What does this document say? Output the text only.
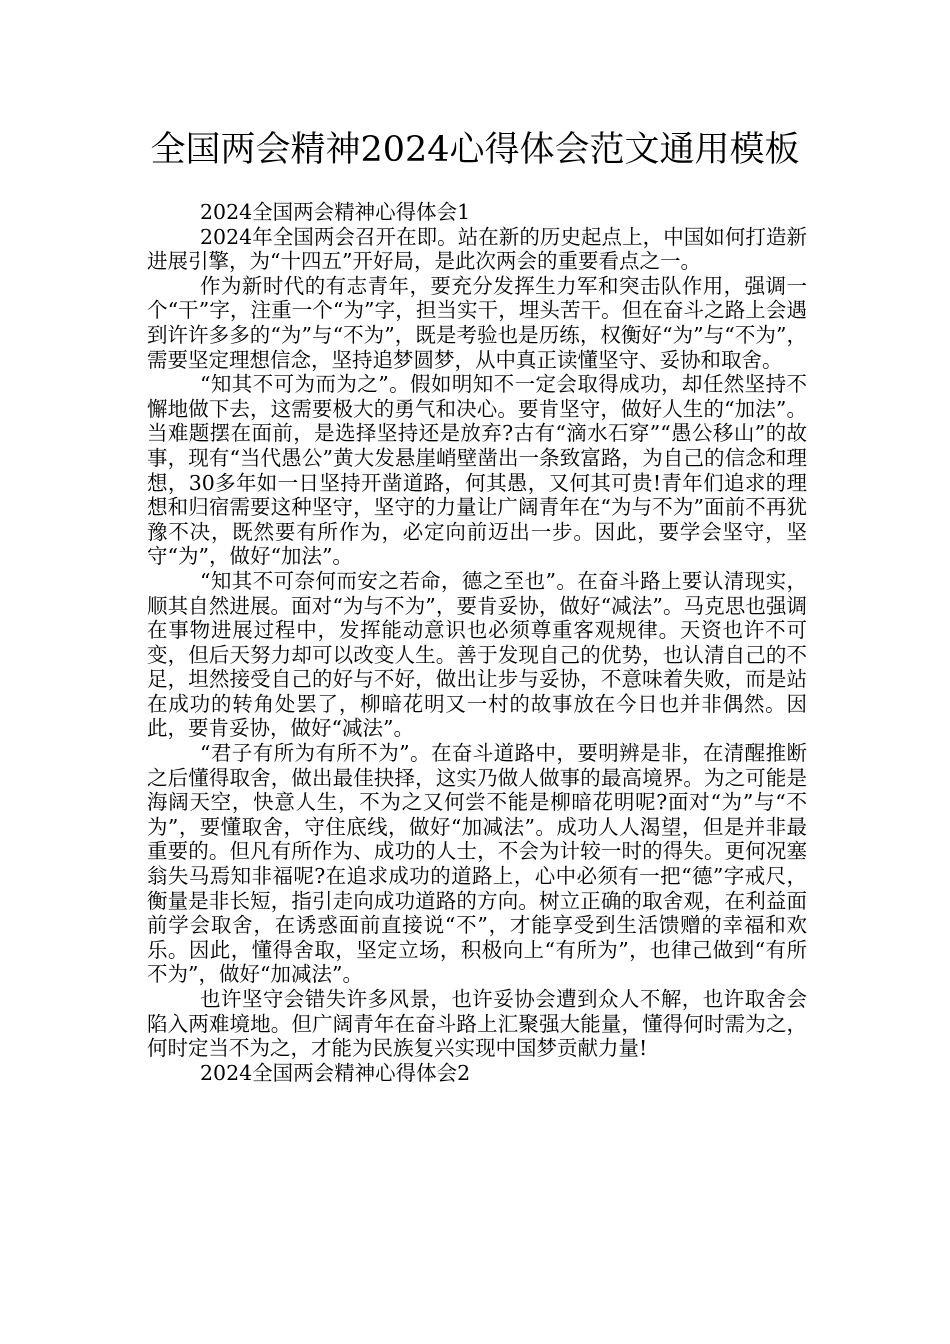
全国两会精神2024心得体会范文通用模板

2024全国两会精神心得体会1

2024年全国两会召开在即。站在新的历史起点上，中国如何打造新进展引擎，为“十四五”开好局，是此次两会的重要看点之一。

作为新时代的有志青年，要充分发挥生力军和突击队作用，强调一个“干”字，注重一个“为”字，担当实干，埋头苦干。但在奋斗之路上会遇到许许多多的“为”与“不为”，既是考验也是历练，权衡好“为”与“不为”，需要坚定理想信念，坚持追梦圆梦，从中真正读懂坚守、妥协和取舍。

“知其不可为而为之”。假如明知不一定会取得成功，却任然坚持不懈地做下去，这需要极大的勇气和决心。要肯坚守，做好人生的“加法”。当难题摆在面前，是选择坚持还是放弃?古有“滴水石穿”“愚公移山”的故事，现有“当代愚公”黄大发悬崖峭壁凿出一条致富路，为自己的信念和理想，30多年如一日坚持开凿道路，何其愚，又何其可贵!青年们追求的理想和归宿需要这种坚守，坚守的力量让广阔青年在“为与不为”面前不再犹豫不决，既然要有所作为，必定向前迈出一步。因此，要学会坚守，坚守“为”，做好“加法”。

“知其不可奈何而安之若命，德之至也”。在奋斗路上要认清现实，顺其自然进展。面对“为与不为”，要肯妥协，做好“减法”。马克思也强调在事物进展过程中，发挥能动意识也必须尊重客观规律。天资也许不可变，但后天努力却可以改变人生。善于发现自己的优势，也认清自己的不足，坦然接受自己的好与不好，做出让步与妥协，不意味着失败，而是站在成功的转角处罢了，柳暗花明又一村的故事放在今日也并非偶然。因此，要肯妥协，做好“减法”。

“君子有所为有所不为”。在奋斗道路中，要明辨是非，在清醒推断之后懂得取舍，做出最佳抉择，这实乃做人做事的最高境界。为之可能是海阔天空，快意人生，不为之又何尝不能是柳暗花明呢?面对“为”与“不为”，要懂取舍，守住底线，做好“加减法”。成功人人渴望，但是并非最重要的。但凡有所作为、成功的人士，不会为计较一时的得失。更何况塞翁失马焉知非福呢?在追求成功的道路上，心中必须有一把“德”字戒尺，衡量是非长短，指引走向成功道路的方向。树立正确的取舍观，在利益面前学会取舍，在诱惑面前直接说“不”，才能享受到生活馈赠的幸福和欢乐。因此，懂得舍取，坚定立场，积极向上“有所为”，也律己做到“有所不为”，做好“加减法”。

也许坚守会错失许多风景，也许妥协会遭到众人不解，也许取舍会陷入两难境地。但广阔青年在奋斗路上汇聚强大能量，懂得何时需为之，何时定当不为之，才能为民族复兴实现中国梦贡献力量!

2024全国两会精神心得体会2
